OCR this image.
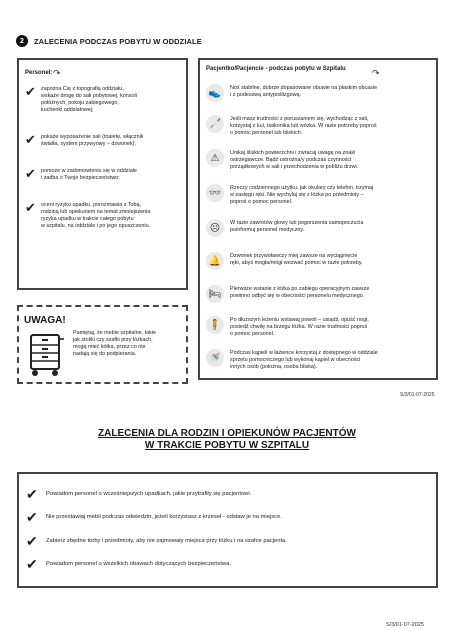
2	ZALECENIA PODCZAS POBYTU W ODDZIALE
Personel: ↷
✔ zapozna Cię z topografią oddziału,
wskaże drogę do sali pobytowej, konsoli
połóżnych, pokoju zabiegowego,
kuchenki oddziałowej;
✔ pokaże wyposażenie sali (toaletę, włącznik
światła, system przywyowy – dzwonek);
✔ pomoże w zadomowieniu się w oddziale
i zadba o Twoje bezpieczeństwo;
✔ oceni ryzyko upadku, porozmawia z Tobą,
rodziną lub opiekunem na temat zmniejszenia
ryzyka upadku w trakcie całego pobytu
w szpitalu, na oddziale i po jego opuszczeniu.
Pacjentko/Pacjencie - podczas pobytu w Szpitalu	↷
👟	Noś stabilne, dobrze dopasowane obuwie na płaskim obcasie
i z podeszwą antypoślizgową.
🦯	Jeśli masz trudności z poruszaniem się, wychodząc z sali,
korzystaj z kul, balkonika lub wózka. W razie potrzeby poproś
o pomoc personel lub bliskich.
⚠	Unikaj śliskich powierzchni i zwracaj uwagę na znaki
ostrzegawcze. Bądź ostrożna/y podczas czynności
porządkowych w sali i przechodzenia w pobliżu drzwi.
👓	Rzeczy codziennego użytku, jak okulary czy telefon, trzymaj
w zasięgu ręki. Nie wychylaj się z łóżka po przedmioty –
poproś o pomoc personel.
☹	W razie zawrotów głowy lub pogorszenia samopoczucia
poinformuj personel medyczny.
🔔	Dzwonek przywoławczy miej zawsze na wyciągnięcie
ręki, abyś mogła/mógł wezwać pomoc w razie potrzeby.
🛏	Pierwsze wstanie z łóżka po zabiegu operacyjnym zawsze
powinno odbyć się w obecności personelu medycznego.
🧍	Po dłuższym leżeniu wstawaj powoli – usiądź, opuść nogi,
posiedź chwilę na brzegu łóżka. W razie trudności poproś
o pomoc personel.
🚿	Podczas kąpieli w łazience korzystaj z dostępnego w oddziale
sprzętu pomocniczego lub wykonaj kąpiel w obecności
innych osób (położna, osoba bliska).
UWAGA!
Pamiętaj, że meble szpitalne, takie
jak stoliki czy szafki przy łóżkach,
mogą mieć kółka, przez co nie
nadają się do podpierania.
S/3/01-07-2025
ZALECENIA DLA RODZIN I OPIEKUNÓW PACJENTÓW
W TRAKCIE POBYTU W SZPITALU
✔ Powiadom personel o wcześniejszych upadkach, jakie przytrafiły się pacjentowi.
✔ Nie przestawiaj mebli podczas odwiedzin, jeżeli korzystasz z krzeseł - odstaw je na miejsce.
✔ Zabierz zbędne torby i przedmioty, aby nie zajmowały miejsca przy łóżku i na szafce pacjenta.
✔ Powiadom personel o wszelkich obawach dotyczących bezpieczeństwa.
S/3/01-07-2025
